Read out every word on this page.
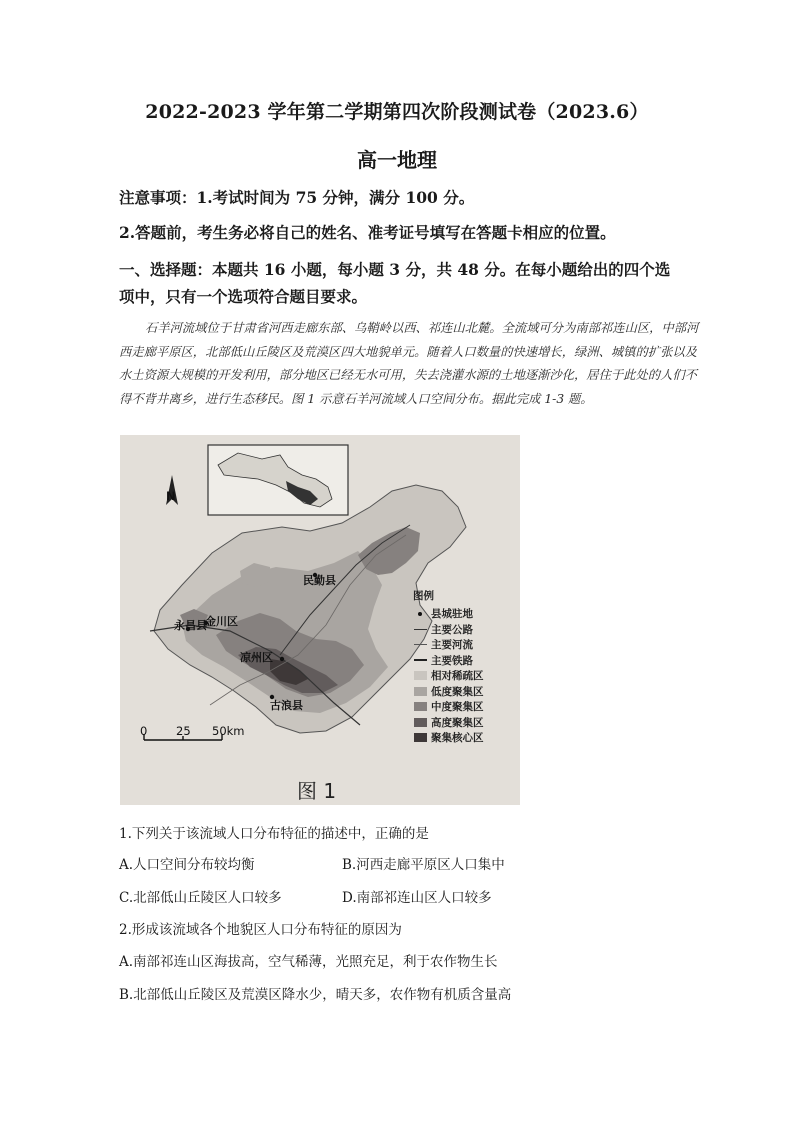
2022-2023 学年第二学期第四次阶段测试卷（2023.6）
高一地理
注意事项：1.考试时间为 75 分钟，满分 100 分。
2.答题前，考生务必将自己的姓名、准考证号填写在答题卡相应的位置。
一、选择题：本题共 16 小题，每小题 3 分，共 48 分。在每小题给出的四个选项中，只有一个选项符合题目要求。
石羊河流域位于甘肃省河西走廊东部、乌鞘岭以西、祁连山北麓。全流域可分为南部祁连山区，中部河西走廊平原区，北部低山丘陵区及荒漠区四大地貌单元。随着人口数量的快速增长，绿洲、城镇的扩张以及水土资源大规模的开发利用，部分地区已经无水可用，失去浇灌水源的土地逐渐沙化，居住于此处的人们不得不背井离乡，进行生态移民。图 1 示意石羊河流域人口空间分布。据此完成 1-3 题。
金川区
永昌县
民勤县
凉州区
古浪县
0 25 50km
N
图例
县城驻地
主要公路
主要河流
主要铁路
相对稀疏区
低度聚集区
中度聚集区
高度聚集区
聚集核心区
图 1
1.下列关于该流域人口分布特征的描述中，正确的是
A.人口空间分布较均衡	B.河西走廊平原区人口集中
C.北部低山丘陵区人口较多	D.南部祁连山区人口较多
2.形成该流域各个地貌区人口分布特征的原因为
A.南部祁连山区海拔高，空气稀薄，光照充足，利于农作物生长
B.北部低山丘陵区及荒漠区降水少，晴天多，农作物有机质含量高
